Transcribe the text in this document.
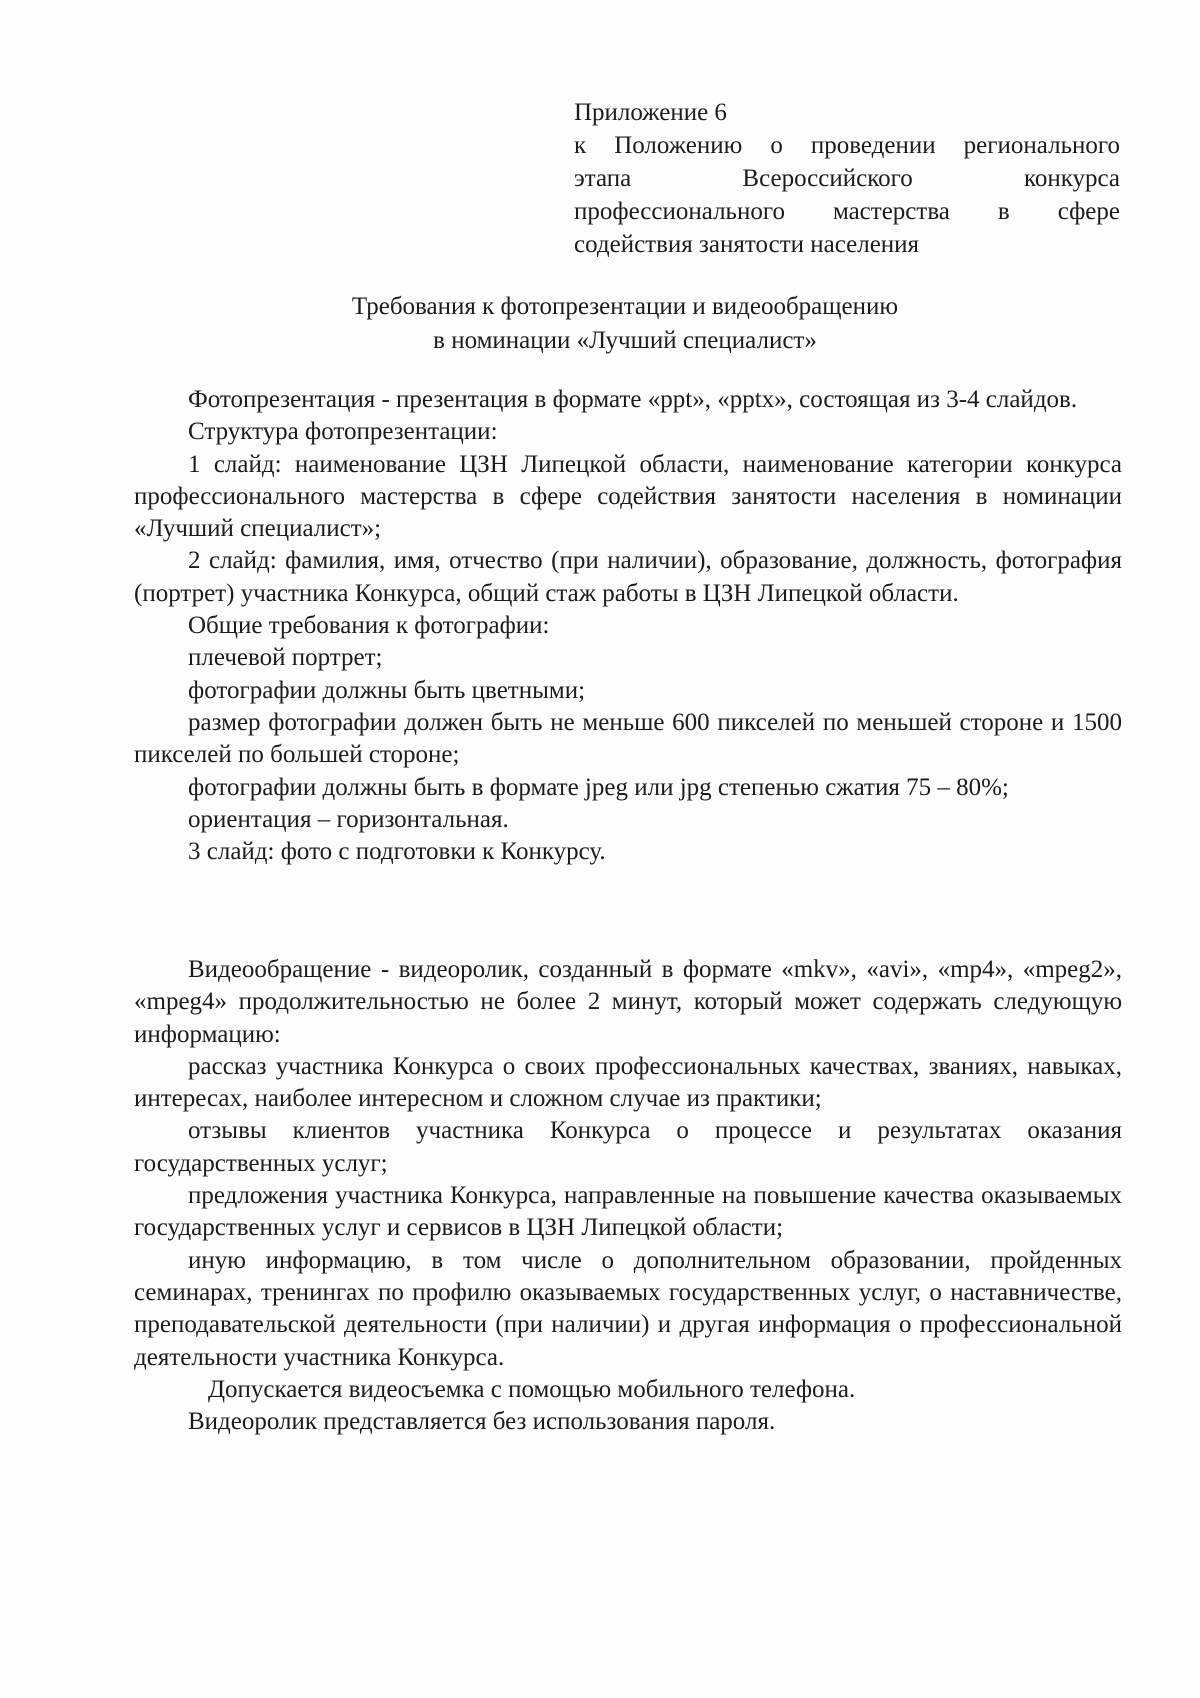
Приложение 6
к Положению о проведении регионального
этапа	Всероссийского	конкурса
профессионального мастерства в сфере
содействия занятости населения
Требования к фотопрезентации и видеообращению
в номинации «Лучший специалист»

Фотопрезентация - презентация в формате «ppt», «pptx», состоящая из 3-4 слайдов.

Структура фотопрезентации:

1 слайд: наименование ЦЗН Липецкой области, наименование категории конкурса профессионального мастерства в сфере содействия занятости населения в номинации «Лучший специалист»;

2 слайд: фамилия, имя, отчество (при наличии), образование, должность, фотография (портрет) участника Конкурса, общий стаж работы в ЦЗН Липецкой области.

Общие требования к фотографии:

плечевой портрет;

фотографии должны быть цветными;

размер фотографии должен быть не меньше 600 пикселей по меньшей стороне и 1500 пикселей по большей стороне;

фотографии должны быть в формате jpeg или jpg степенью сжатия 75 – 80%;

ориентация – горизонтальная.

3 слайд: фото с подготовки к Конкурсу.

Видеообращение - видеоролик, созданный в формате «mkv», «avi», «mp4», «mpeg2», «mpeg4» продолжительностью не более 2 минут, который может содержать следующую информацию:

рассказ участника Конкурса о своих профессиональных качествах, званиях, навыках, интересах, наиболее интересном и сложном случае из практики;

отзывы клиентов участника Конкурса о процессе и результатах оказания государственных услуг;

предложения участника Конкурса, направленные на повышение качества оказываемых государственных услуг и сервисов в ЦЗН Липецкой области;

иную информацию, в том числе о дополнительном образовании, пройденных семинарах, тренингах по профилю оказываемых государственных услуг, о наставничестве, преподавательской деятельности (при наличии) и другая информация о профессиональной деятельности участника Конкурса.

Допускается видеосъемка с помощью мобильного телефона.

Видеоролик представляется без использования пароля.
